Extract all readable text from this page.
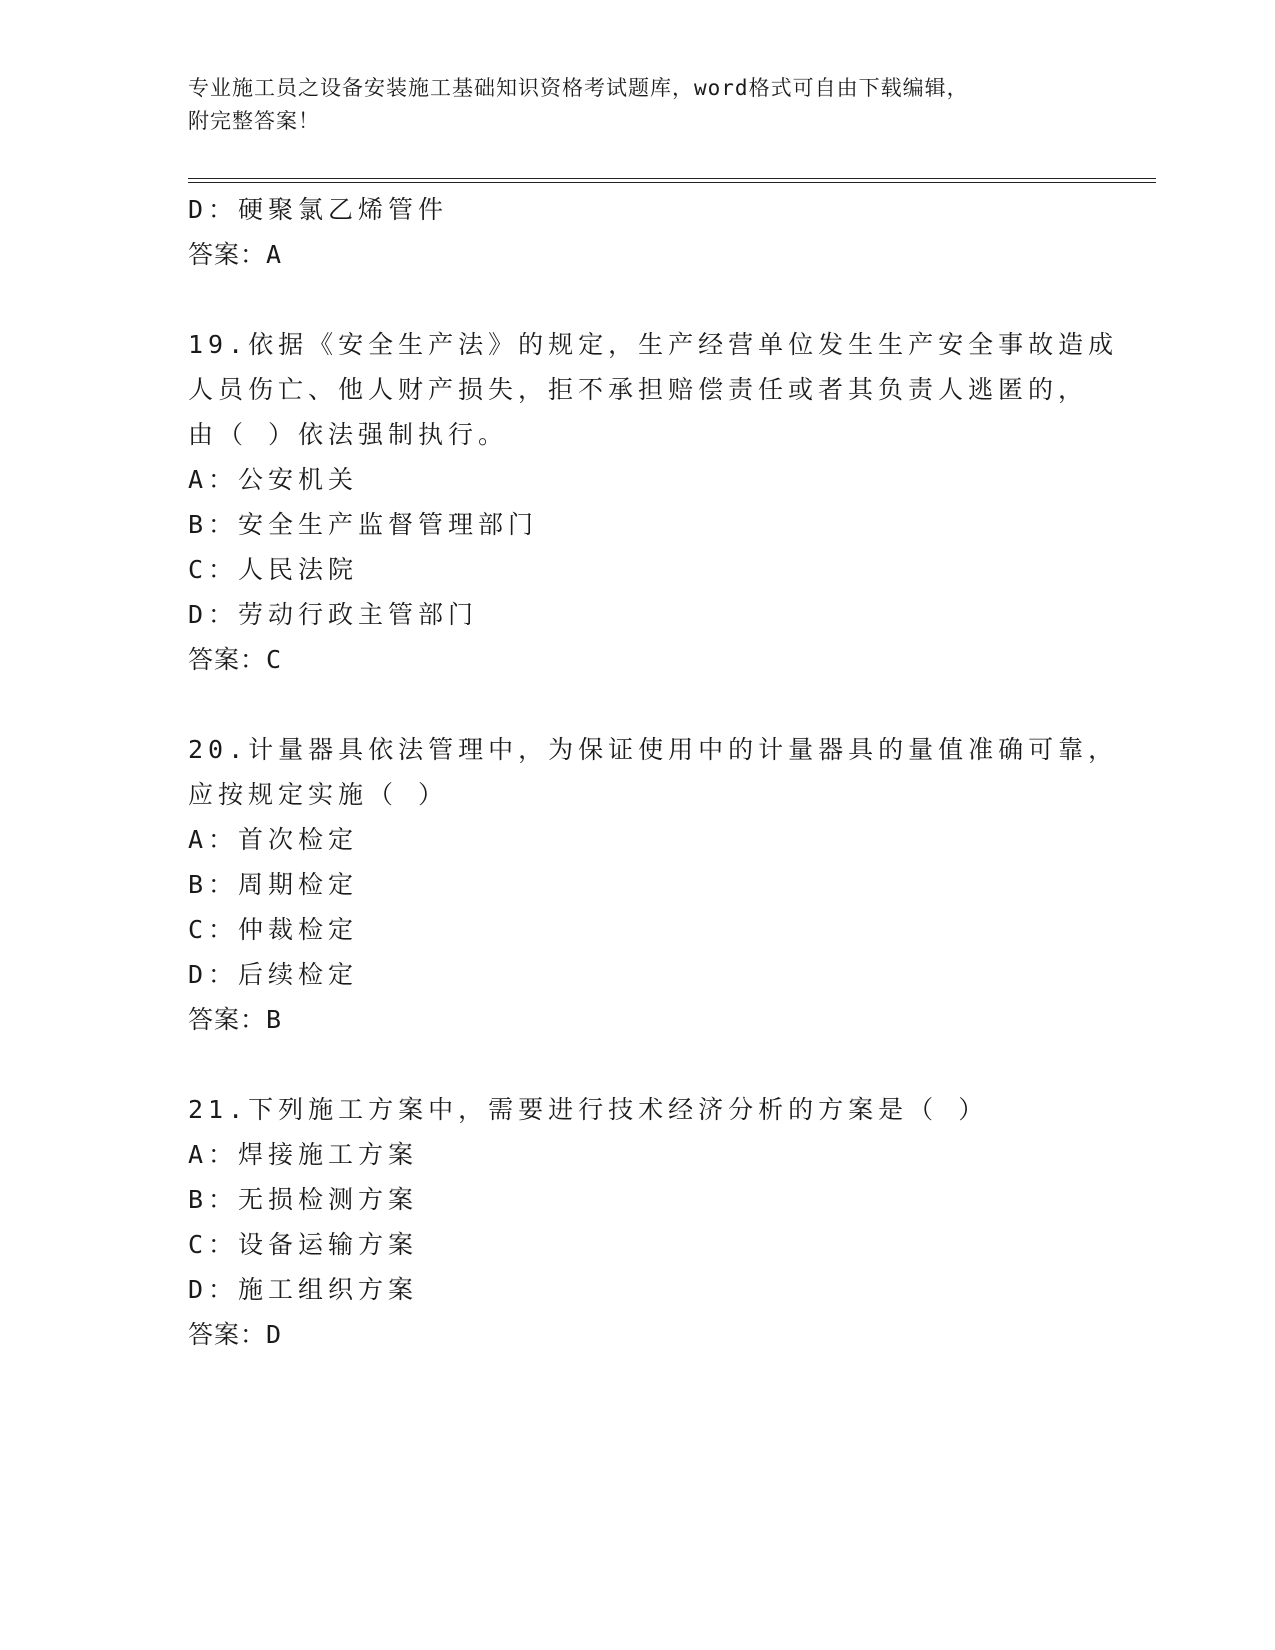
专业施工员之设备安装施工基础知识资格考试题库，word格式可自由下载编辑，
附完整答案！
D：硬聚氯乙烯管件
答案：A
19.依据《安全生产法》的规定，生产经营单位发生生产安全事故造成
人员伤亡、他人财产损失，拒不承担赔偿责任或者其负责人逃匿的，
由（ ）依法强制执行。
A：公安机关
B：安全生产监督管理部门
C：人民法院
D：劳动行政主管部门
答案：C
20.计量器具依法管理中，为保证使用中的计量器具的量值准确可靠，
应按规定实施（ ）
A：首次检定
B：周期检定
C：仲裁检定
D：后续检定
答案：B
21.下列施工方案中，需要进行技术经济分析的方案是（ ）
A：焊接施工方案
B：无损检测方案
C：设备运输方案
D：施工组织方案
答案：D
